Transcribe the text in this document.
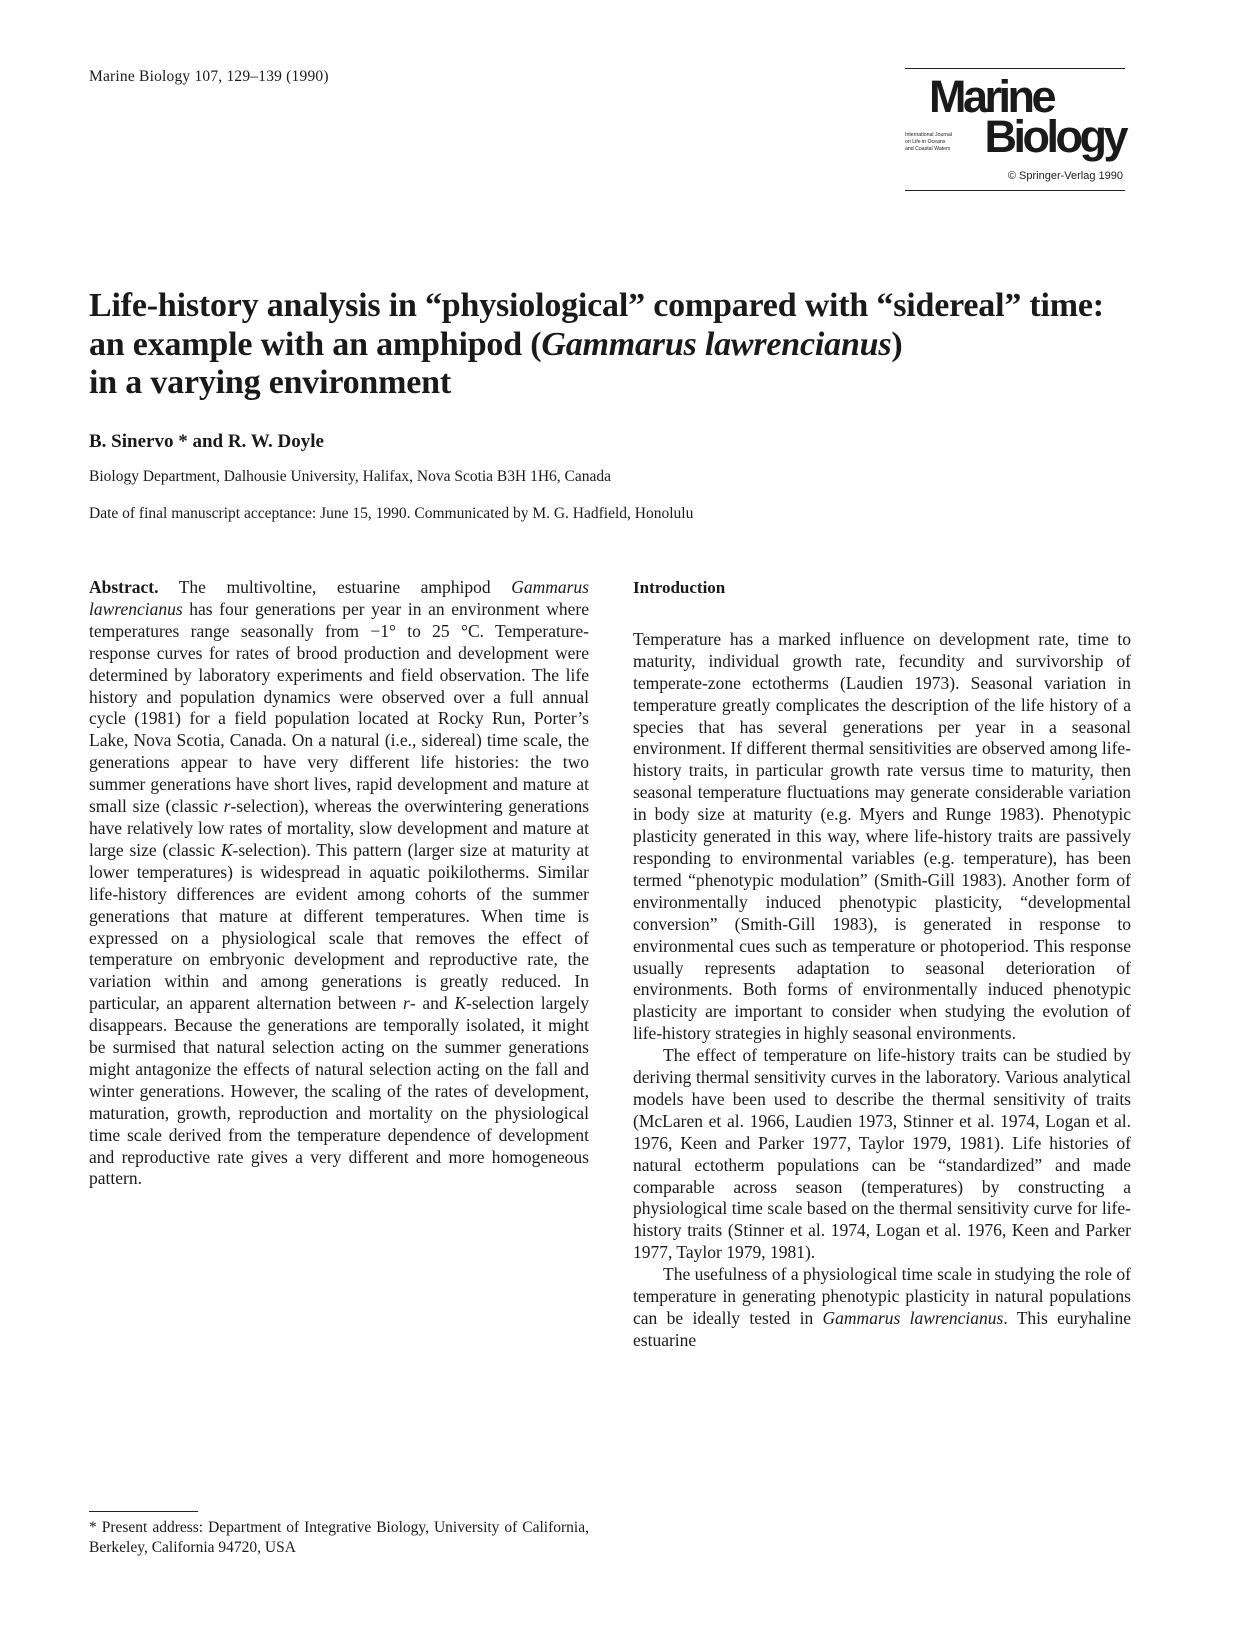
Marine Biology 107, 129–139 (1990)	Marine
Biology
International Journal
on Life in Oceans
and Coastal Waters
© Springer-Verlag 1990
Life-history analysis in “physiological” compared with “sidereal” time:
an example with an amphipod (Gammarus lawrencianus)
in a varying environment
B. Sinervo * and R. W. Doyle
Biology Department, Dalhousie University, Halifax, Nova Scotia B3H 1H6, Canada
Date of final manuscript acceptance: June 15, 1990. Communicated by M. G. Hadfield, Honolulu

Abstract. The multivoltine, estuarine amphipod Gammarus lawrencianus has four generations per year in an environment where temperatures range seasonally from −1° to 25 °C. Temperature-response curves for rates of brood production and development were determined by laboratory experiments and field observation. The life history and population dynamics were observed over a full annual cycle (1981) for a field population located at Rocky Run, Porter’s Lake, Nova Scotia, Canada. On a natural (i.e., sidereal) time scale, the generations appear to have very different life histories: the two summer generations have short lives, rapid development and mature at small size (classic r-selection), whereas the overwintering generations have relatively low rates of mortality, slow development and mature at large size (classic K-selection). This pattern (larger size at maturity at lower temperatures) is widespread in aquatic poikilotherms. Similar life-history differences are evident among cohorts of the summer generations that mature at different temperatures. When time is expressed on a physiological scale that removes the effect of temperature on embryonic development and reproductive rate, the variation within and among generations is greatly reduced. In particular, an apparent alternation between r- and K-selection largely disappears. Because the generations are temporally isolated, it might be surmised that natural selection acting on the summer generations might antagonize the effects of natural selection acting on the fall and winter generations. However, the scaling of the rates of development, maturation, growth, reproduction and mortality on the physiological time scale derived from the temperature dependence of development and reproductive rate gives a very different and more homogeneous pattern.

Introduction

Temperature has a marked influence on development rate, time to maturity, individual growth rate, fecundity and survivorship of temperate-zone ectotherms (Laudien 1973). Seasonal variation in temperature greatly complicates the description of the life history of a species that has several generations per year in a seasonal environment. If different thermal sensitivities are observed among life-history traits, in particular growth rate versus time to maturity, then seasonal temperature fluctuations may generate considerable variation in body size at maturity (e.g. Myers and Runge 1983). Phenotypic plasticity generated in this way, where life-history traits are passively responding to environmental variables (e.g. temperature), has been termed “phenotypic modulation” (Smith-Gill 1983). Another form of environmentally induced phenotypic plasticity, “developmental conversion” (Smith-Gill 1983), is generated in response to environmental cues such as temperature or photoperiod. This response usually represents adaptation to seasonal deterioration of environments. Both forms of environmentally induced phenotypic plasticity are important to consider when studying the evolution of life-history strategies in highly seasonal environments.

The effect of temperature on life-history traits can be studied by deriving thermal sensitivity curves in the laboratory. Various analytical models have been used to describe the thermal sensitivity of traits (McLaren et al. 1966, Laudien 1973, Stinner et al. 1974, Logan et al. 1976, Keen and Parker 1977, Taylor 1979, 1981). Life histories of natural ectotherm populations can be “standardized” and made comparable across season (temperatures) by constructing a physiological time scale based on the thermal sensitivity curve for life-history traits (Stinner et al. 1974, Logan et al. 1976, Keen and Parker 1977, Taylor 1979, 1981).

The usefulness of a physiological time scale in studying the role of temperature in generating phenotypic plasticity in natural populations can be ideally tested in Gammarus lawrencianus. This euryhaline estuarine

* Present address: Department of Integrative Biology, University of California, Berkeley, California 94720, USA
